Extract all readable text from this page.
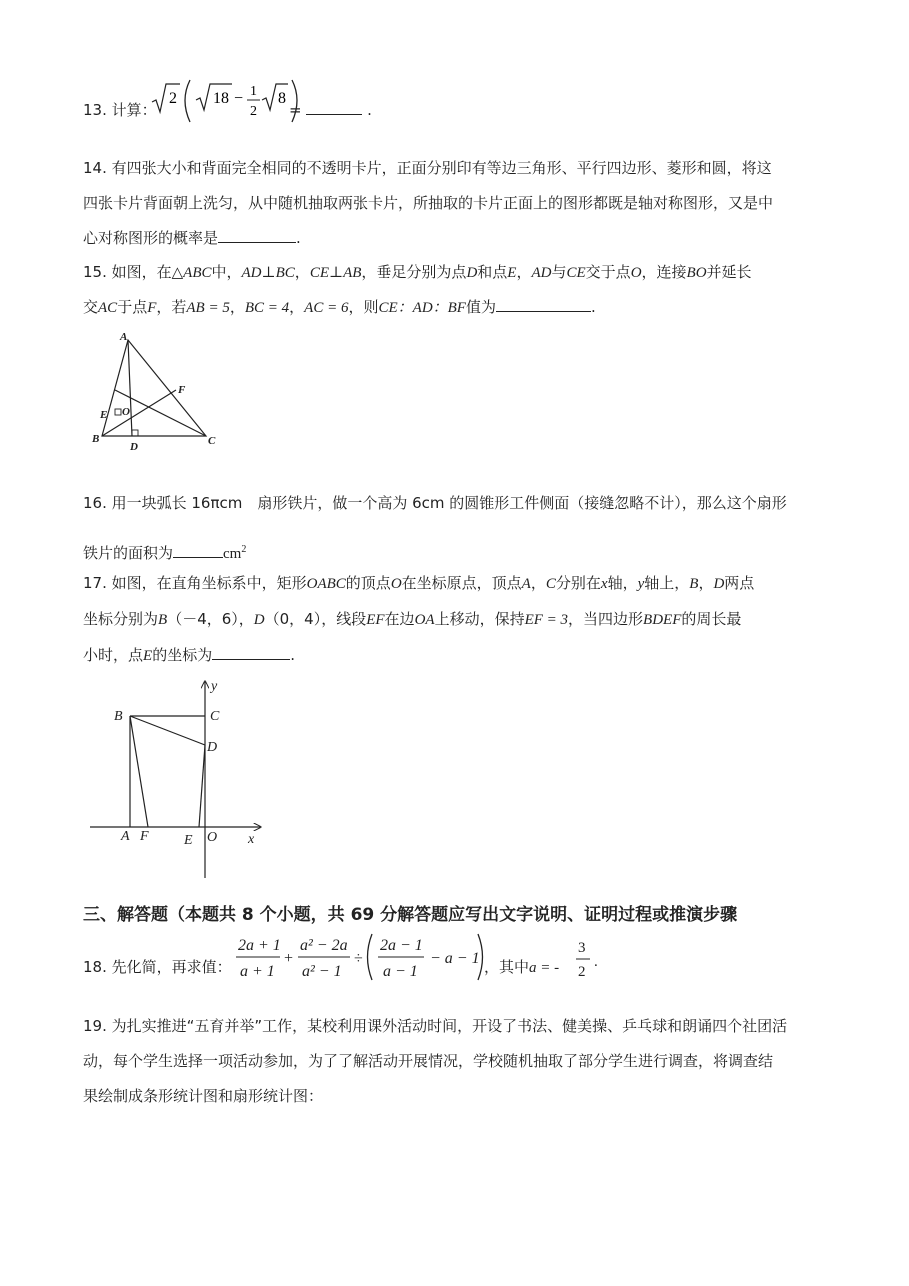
13. 计算：
2 18 − 1
2
8
=	.
14. 有四张大小和背面完全相同的不透明卡片，正面分别印有等边三角形、平行四边形、菱形和圆，将这
四张卡片背面朝上洗匀，从中随机抽取两张卡片，所抽取的卡片正面上的图形都既是轴对称图形，又是中
心对称图形的概率是	.
15. 如图，在△ABC中，AD⊥BC，CE⊥AB，垂足分别为点D和点E，AD与CE交于点O，连接BO并延长
交AC于点F，若AB = 5，BC = 4，AC = 6，则CE：AD：BF值为	.
A
F
E O
B
D	C
16. 用一块弧长 16πcm　扇形铁片，做一个高为 6cm 的圆锥形工件侧面（接缝忽略不计），那么这个扇形
铁片的面积为	$cm^2$
17. 如图，在直角坐标系中，矩形OABC的顶点O在坐标原点，顶点A，C分别在x轴，y轴上，B，D两点
坐标分别为B（－4，6），D（0，4），线段EF在边OA上移动，保持EF = 3，当四边形BDEF的周长最
小时，点E的坐标为	.
y
B	C
D
A F	E O x
三、解答题（本题共 8 个小题，共 69 分解答题应写出文字说明、证明过程或推演步骤
18. 先化简，再求值：
2a + 1
a + 1
+
a² − 2a
a² − 1
÷
2a − 1
a − 1
− a − 1 ，其中a = -
3
2
.
19. 为扎实推进“五育并举”工作，某校利用课外活动时间，开设了书法、健美操、乒乓球和朗诵四个社团活
动，每个学生选择一项活动参加，为了了解活动开展情况，学校随机抽取了部分学生进行调查，将调查结
果绘制成条形统计图和扇形统计图：
